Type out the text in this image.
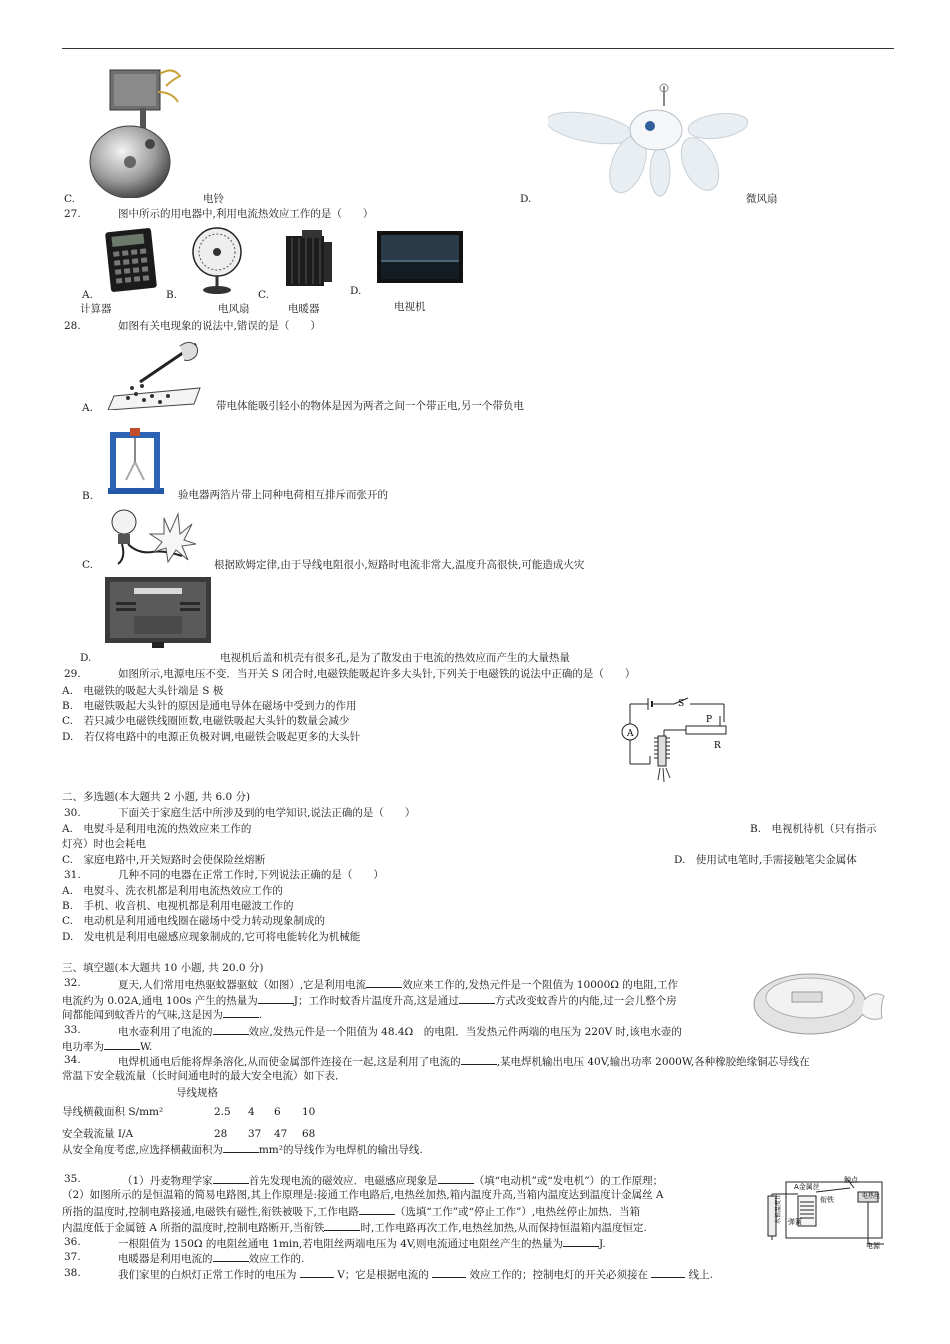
C.	电铃	D.	微风扇
27.	图中所示的用电器中,利用电流热效应工作的是（　　）
A.
计算器
B.
电风扇
C.
电暖器
D.
电视机
28.	如图有关电现象的说法中,错误的是（　　）
A.	带电体能吸引轻小的物体是因为两者之间一个带正电,另一个带负电
B.	验电器两箔片带上同种电荷相互排斥而张开的
C.	根据欧姆定律,由于导线电阻很小,短路时电流非常大,温度升高很快,可能造成火灾
D.	电视机后盖和机壳有很多孔,是为了散发由于电流的热效应而产生的大量热量
29.	如图所示,电源电压不变．当开关 S 闭合时,电磁铁能吸起许多大头针,下列关于电磁铁的说法中正确的是（　　）
A.　电磁铁的吸起大头针端是 S 极
B.　电磁铁吸起大头针的原因是通电导体在磁场中受到力的作用
C.　若只减少电磁铁线圈匝数,电磁铁吸起大头针的数量会减少
D.　若仅将电路中的电源正负极对调,电磁铁会吸起更多的大头针
S
A
P
R
二、多选题(本大题共 2 小题, 共 6.0 分)
30.	下面关于家庭生活中所涉及到的电学知识,说法正确的是（　　）
A.　电熨斗是利用电流的热效应来工作的	B.　电视机待机（只有指示
灯亮）时也会耗电
C.　家庭电路中,开关短路时会使保险丝熔断	D.　使用试电笔时,手需接触笔尖金属体
31.	几种不同的电器在正常工作时,下列说法正确的是（　　）
A.　电熨斗、洗衣机都是利用电流热效应工作的
B.　手机、收音机、电视机都是利用电磁波工作的
C.　电动机是利用通电线圈在磁场中受力转动现象制成的
D.　发电机是利用电磁感应现象制成的,它可将电能转化为机械能
三、填空题(本大题共 10 小题, 共 20.0 分)
32.	夏天,人们常用电热驱蚊器驱蚊（如图）,它是利用电流	效应来工作的,发热元件是一个阻值为 10000Ω 的电阻,工作
电流约为 0.02A,通电 100s 产生的热量为	J；工作时蚊香片温度升高,这是通过	方式改变蚊香片的内能,过一会儿整个房
间都能闻到蚊香片的气味,这是因为	.
33.	电水壶利用了电流的	效应,发热元件是一个阻值为 48.4Ω　的电阻．当发热元件两端的电压为 220V 时,该电水壶的
电功率为	W.
34.	电焊机通电后能将焊条溶化,从而使金属部件连接在一起,这是利用了电流的	,某电焊机输出电压 40V,输出功率 2000W,各种橡胶绝缘铜芯导线在
常温下安全载流量（长时间通电时的最大安全电流）如下表．
导线规格
导线横截面积 S/mm²	2.5	4	6	10
安全载流量 I/A	28	37	47	68
从安全角度考虑,应选择横截面积为	mm²的导线作为电焊机的输出导线.
35.	（1）丹麦物理学家	首先发现电流的磁效应．电磁感应现象是	（填“电动机”或“发电机”）的工作原理；
（2）如图所示的是恒温箱的简易电路图,其上作原理是:接通工作电路后,电热丝加热,箱内温度升高,当箱内温度达到温度计金属丝 A
所指的温度时,控制电路接通,电磁铁有磁性,衔铁被吸下,工作电路	（选填“工作”或“停止工作”）,电热丝停止加热．当箱
内温度低于金属链 A 所指的温度时,控制电路断开,当衔铁	时,工作电路再次工作,电热丝加热,从而保持恒温箱内温度恒定.
A金属丝
触点
电热丝
衔铁
弹簧
水银温度计
电源
36.	一根阻值为 150Ω 的电阻丝通电 1min,若电阻丝两端电压为 4V,则电流通过电阻丝产生的热量为	J.
37.	电暖器是利用电流的	效应工作的.
38.	我们家里的白炽灯正常工作时的电压为	V；它是根据电流的	效应工作的；控制电灯的开关必须接在	线上.
